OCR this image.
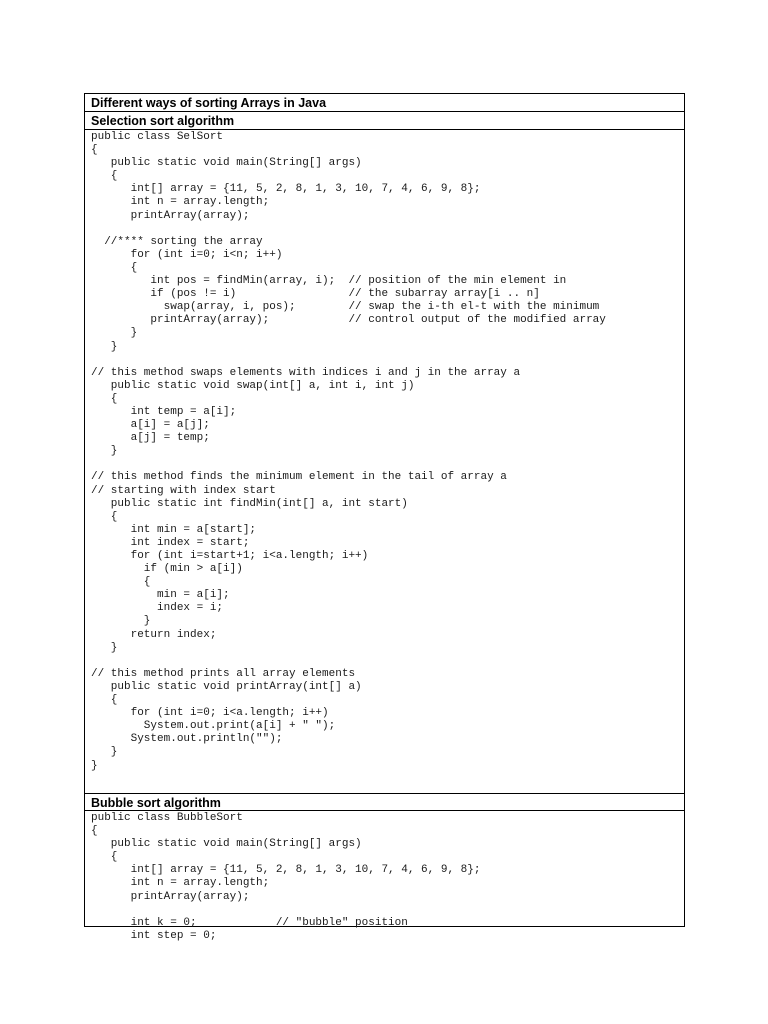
Different ways of sorting Arrays in Java
Selection sort algorithm
public class SelSort
{
public static void main(String[] args)
{
int[] array = {11, 5, 2, 8, 1, 3, 10, 7, 4, 6, 9, 8};
int n = array.length;
printArray(array);
//**** sorting the array
for (int i=0; i<n; i++)
{
int pos = findMin(array, i);  // position of the min element in
if (pos != i)                 // the subarray array[i .. n]
swap(array, i, pos);        // swap the i-th el-t with the minimum
printArray(array);            // control output of the modified array
}
}
// this method swaps elements with indices i and j in the array a
public static void swap(int[] a, int i, int j)
{
int temp = a[i];
a[i] = a[j];
a[j] = temp;
}
// this method finds the minimum element in the tail of array a
// starting with index start
public static int findMin(int[] a, int start)
{
int min = a[start];
int index = start;
for (int i=start+1; i<a.length; i++)
if (min > a[i])
{
min = a[i];
index = i;
}
return index;
}
// this method prints all array elements
public static void printArray(int[] a)
{
for (int i=0; i<a.length; i++)
System.out.print(a[i] + " ");
System.out.println("");
}
}
Bubble sort algorithm
public class BubbleSort
{
public static void main(String[] args)
{
int[] array = {11, 5, 2, 8, 1, 3, 10, 7, 4, 6, 9, 8};
int n = array.length;
printArray(array);
int k = 0;            // "bubble" position
int step = 0;
